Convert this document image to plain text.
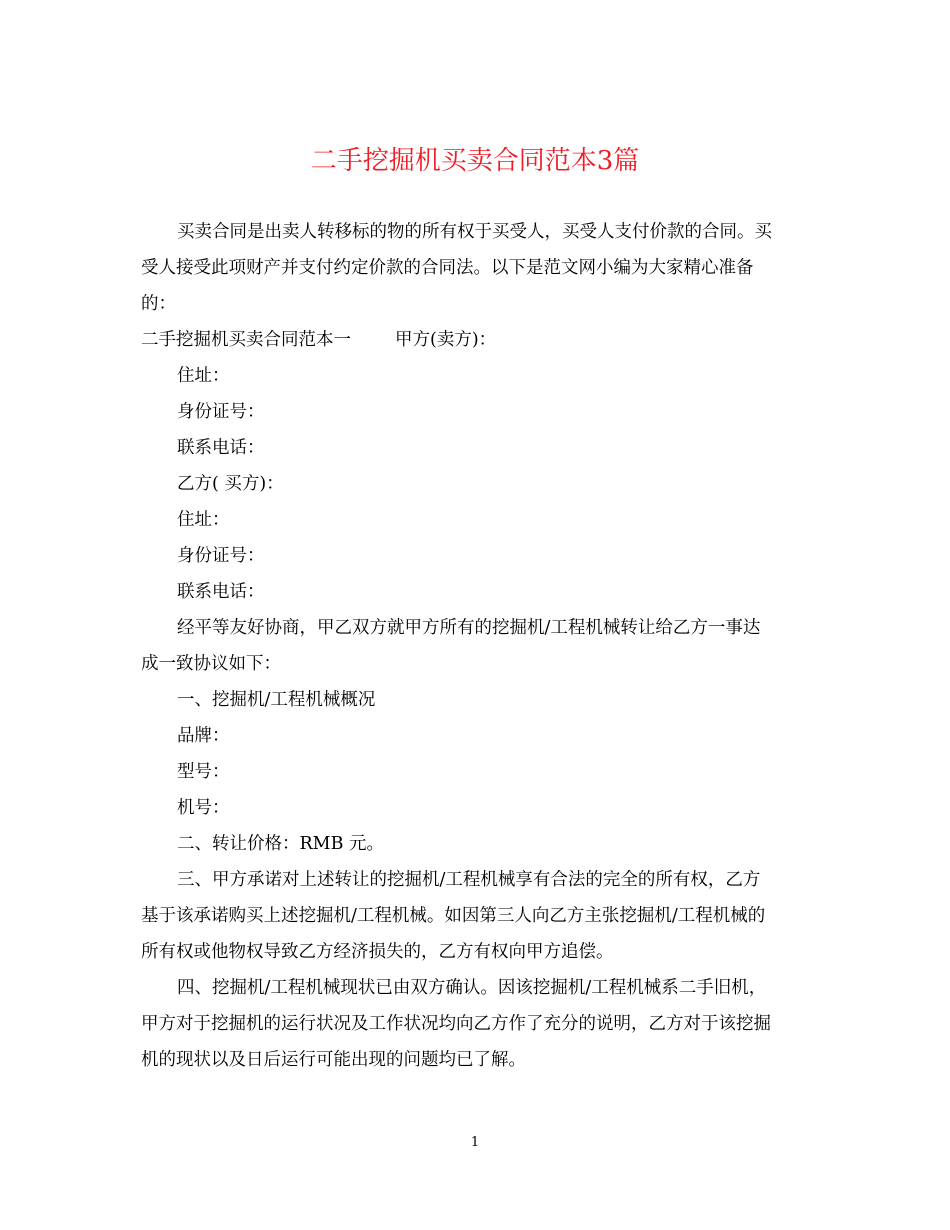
二手挖掘机买卖合同范本3篇

买卖合同是出卖人转移标的物的所有权于买受人，买受人支付价款的合同。买

受人接受此项财产并支付约定价款的合同法。以下是范文网小编为大家精心准备

的：

二手挖掘机买卖合同范本一	甲方(卖方)：

住址：

身份证号：

联系电话：

乙方( 买方)：

住址：

身份证号：

联系电话：

经平等友好协商，甲乙双方就甲方所有的挖掘机/工程机械转让给乙方一事达

成一致协议如下：

一、挖掘机/工程机械概况

品牌：

型号：

机号：

二、转让价格：RMB 元。

三、甲方承诺对上述转让的挖掘机/工程机械享有合法的完全的所有权，乙方

基于该承诺购买上述挖掘机/工程机械。如因第三人向乙方主张挖掘机/工程机械的

所有权或他物权导致乙方经济损失的，乙方有权向甲方追偿。

四、挖掘机/工程机械现状已由双方确认。因该挖掘机/工程机械系二手旧机，

甲方对于挖掘机的运行状况及工作状况均向乙方作了充分的说明，乙方对于该挖掘

机的现状以及日后运行可能出现的问题均已了解。

1
